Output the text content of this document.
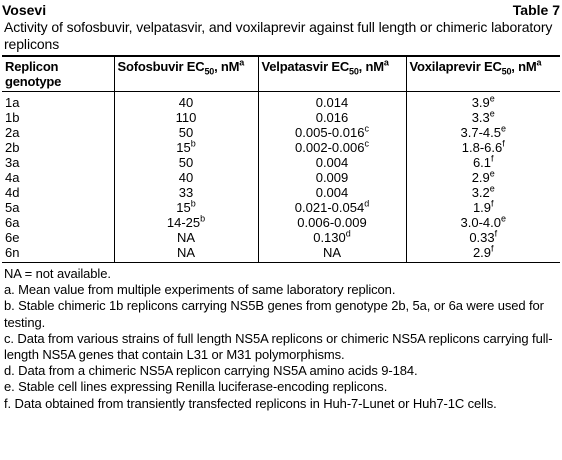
Vosevi	Table 7
Activity of sofosbuvir, velpatasvir, and voxilaprevir against full length or chimeric laboratory replicons
Replicon
genotype	Sofosbuvir $EC_{50}$, $nM^a$	Velpatasvir $EC_{50}$, $nM^a$	Voxilaprevir $EC_{50}$, $nM^a$
1a	40	0.014	3.9e
1b	110	0.016	3.3e
2a	50	0.005-0.016$^c$	3.7-4.5e
2b	15$^b$	0.002-0.006$^c$	1.8-6.6$^f$
3a	50	0.004	6.1$^f$
4a	40	0.009	2.9e
4d	33	0.004	3.2e
5a	15$^b$	0.021-0.054$^d$	1.9$^f$
6a	14-25$^b$	0.006-0.009	3.0-4.0e
6e	NA	0.130$^d$	0.33$^f$
6n	NA	NA	2.9$^f$
NA = not available.
a. Mean value from multiple experiments of same laboratory replicon.
b. Stable chimeric 1b replicons carrying NS5B genes from genotype 2b, 5a, or 6a were used for testing.
c. Data from various strains of full length NS5A replicons or chimeric NS5A replicons carrying full-length NS5A genes that contain L31 or M31 polymorphisms.
d. Data from a chimeric NS5A replicon carrying NS5A amino acids 9-184.
e. Stable cell lines expressing Renilla luciferase-encoding replicons.
f. Data obtained from transiently transfected replicons in Huh-7-Lunet or Huh7-1C cells.
